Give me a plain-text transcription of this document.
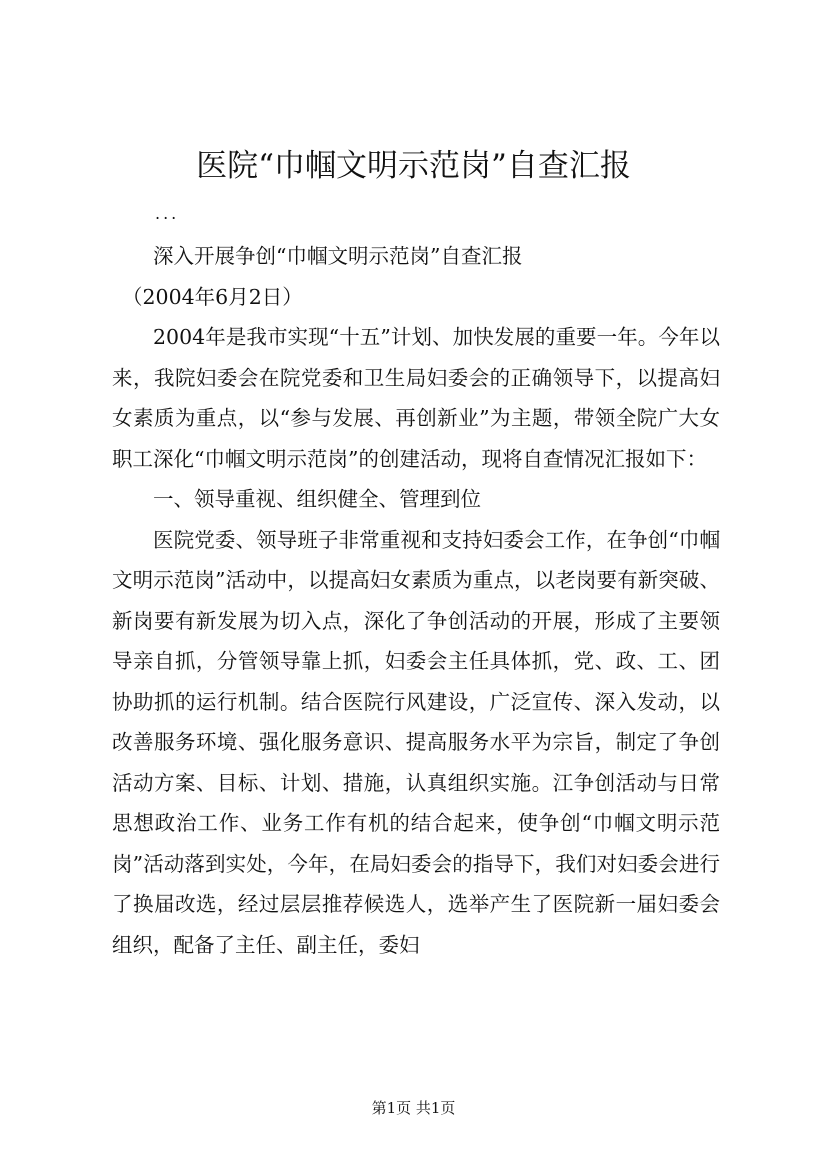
医院“巾帼文明示范岗”自查汇报
...

深入开展争创“巾帼文明示范岗”自查汇报

（2004年6月2日）

2004年是我市实现“十五”计划、加快发展的重要一年。今年以来，我院妇委会在院党委和卫生局妇委会的正确领导下，以提高妇女素质为重点，以“参与发展、再创新业”为主题，带领全院广大女职工深化“巾帼文明示范岗”的创建活动，现将自查情况汇报如下：

一、领导重视、组织健全、管理到位

医院党委、领导班子非常重视和支持妇委会工作，在争创“巾帼文明示范岗”活动中，以提高妇女素质为重点，以老岗要有新突破、新岗要有新发展为切入点，深化了争创活动的开展，形成了主要领导亲自抓，分管领导靠上抓，妇委会主任具体抓，党、政、工、团协助抓的运行机制。结合医院行风建设，广泛宣传、深入发动，以改善服务环境、强化服务意识、提高服务水平为宗旨，制定了争创活动方案、目标、计划、措施，认真组织实施。江争创活动与日常思想政治工作、业务工作有机的结合起来，使争创“巾帼文明示范岗”活动落到实处，今年，在局妇委会的指导下，我们对妇委会进行了换届改选，经过层层推荐候选人，选举产生了医院新一届妇委会组织，配备了主任、副主任，委妇

第1页 共1页
